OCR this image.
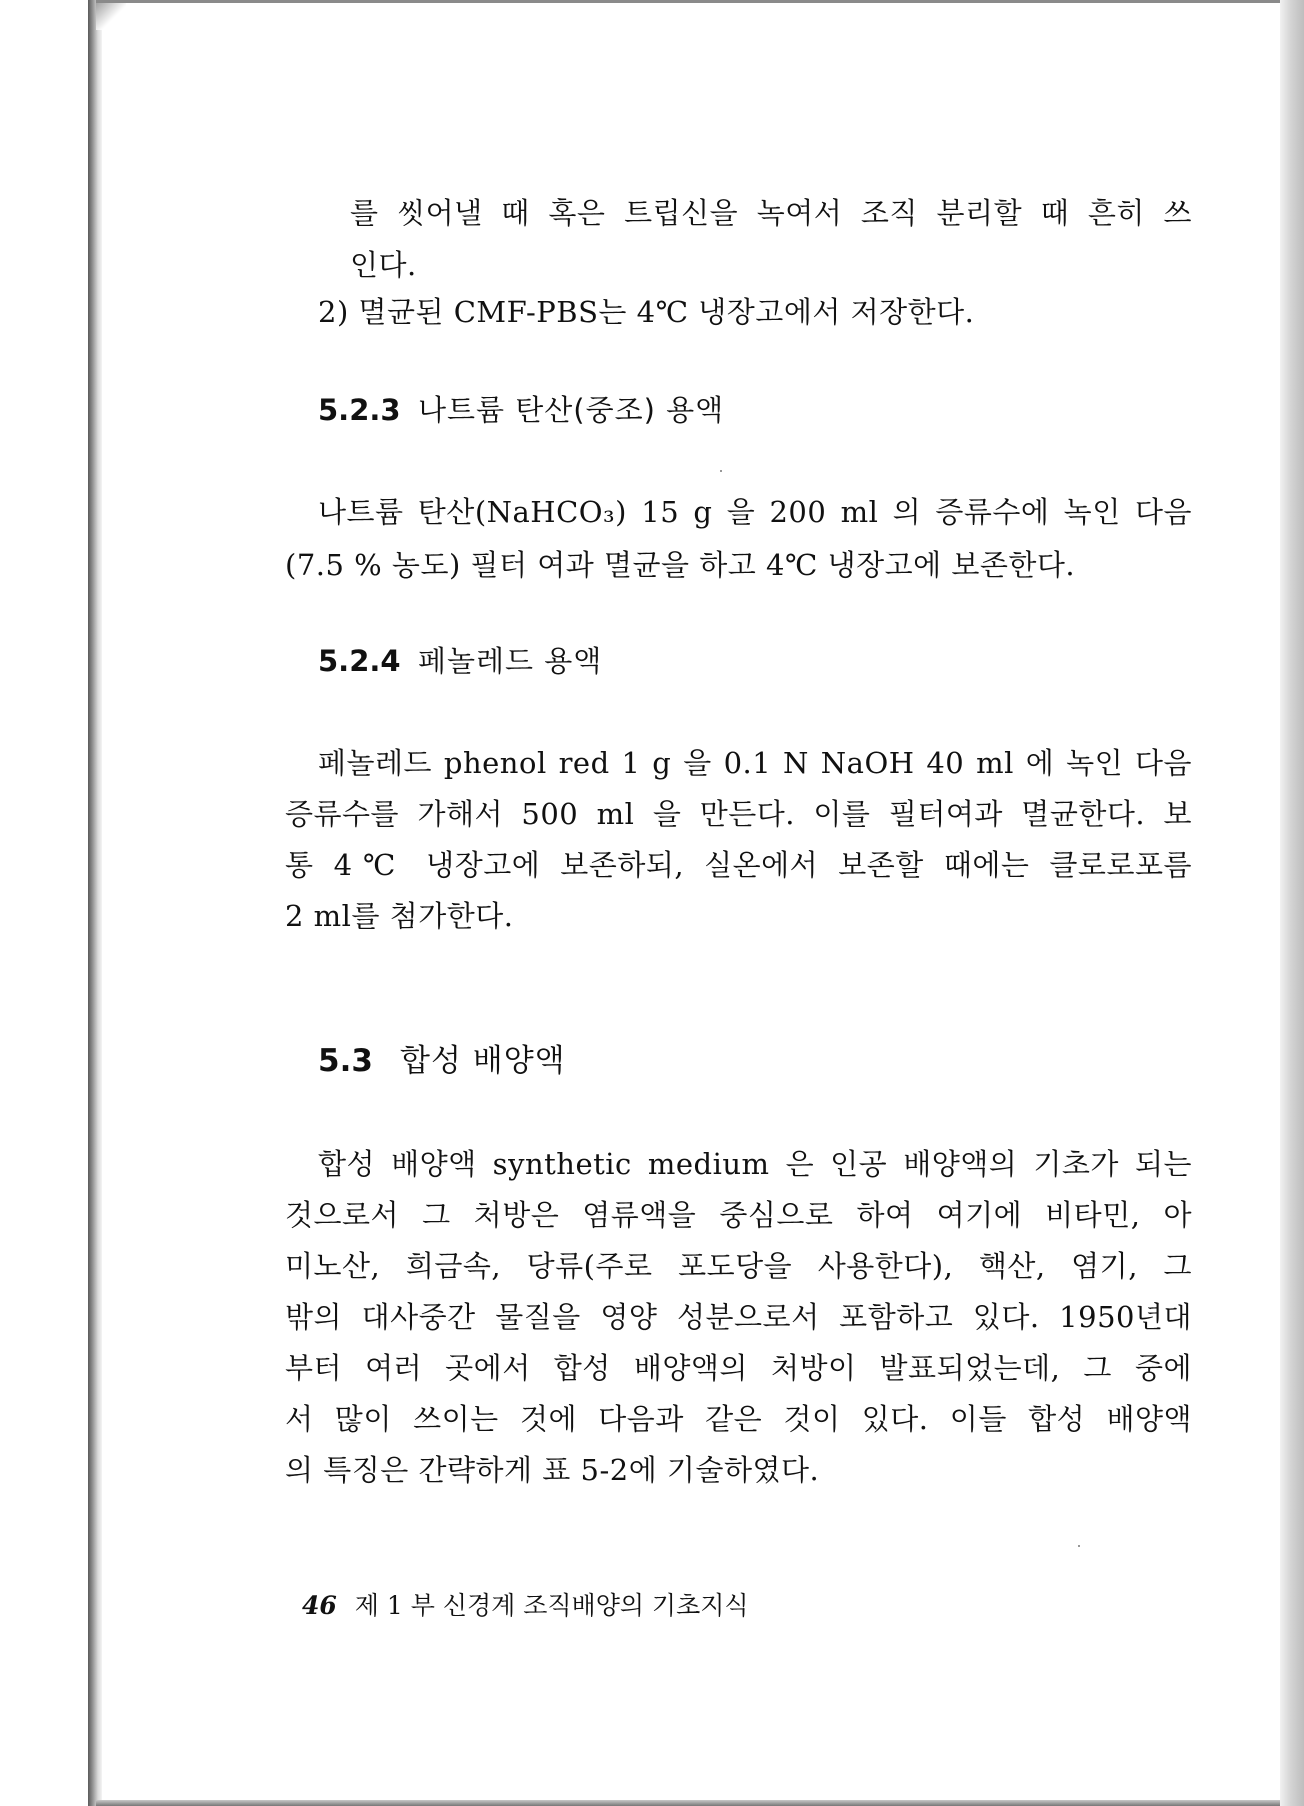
를 씻어낼 때 혹은 트립신을 녹여서 조직 분리할 때 흔히 쓰
인다.
2) 멸균된 CMF-PBS는 4℃ 냉장고에서 저장한다.
5.2.3 나트륨 탄산(중조) 용액
나트륨 탄산(NaHCO₃) 15 g 을 200 ml 의 증류수에 녹인 다음
(7.5 % 농도) 필터 여과 멸균을 하고 4℃ 냉장고에 보존한다.
5.2.4 페놀레드 용액
페놀레드 phenol red 1 g 을 0.1 N NaOH 40 ml 에 녹인 다음
증류수를 가해서 500 ml 을 만든다. 이를 필터여과 멸균한다. 보
통 4℃ 냉장고에 보존하되, 실온에서 보존할 때에는 클로로포름
2 ml를 첨가한다.
5.3 합성 배양액
합성 배양액 synthetic medium 은 인공 배양액의 기초가 되는
것으로서 그 처방은 염류액을 중심으로 하여 여기에 비타민, 아
미노산, 희금속, 당류(주로 포도당을 사용한다), 핵산, 염기, 그
밖의 대사중간 물질을 영양 성분으로서 포함하고 있다. 1950년대
부터 여러 곳에서 합성 배양액의 처방이 발표되었는데, 그 중에
서 많이 쓰이는 것에 다음과 같은 것이 있다. 이들 합성 배양액
의 특징은 간략하게 표 5-2에 기술하였다.
46 제 1 부 신경계 조직배양의 기초지식
